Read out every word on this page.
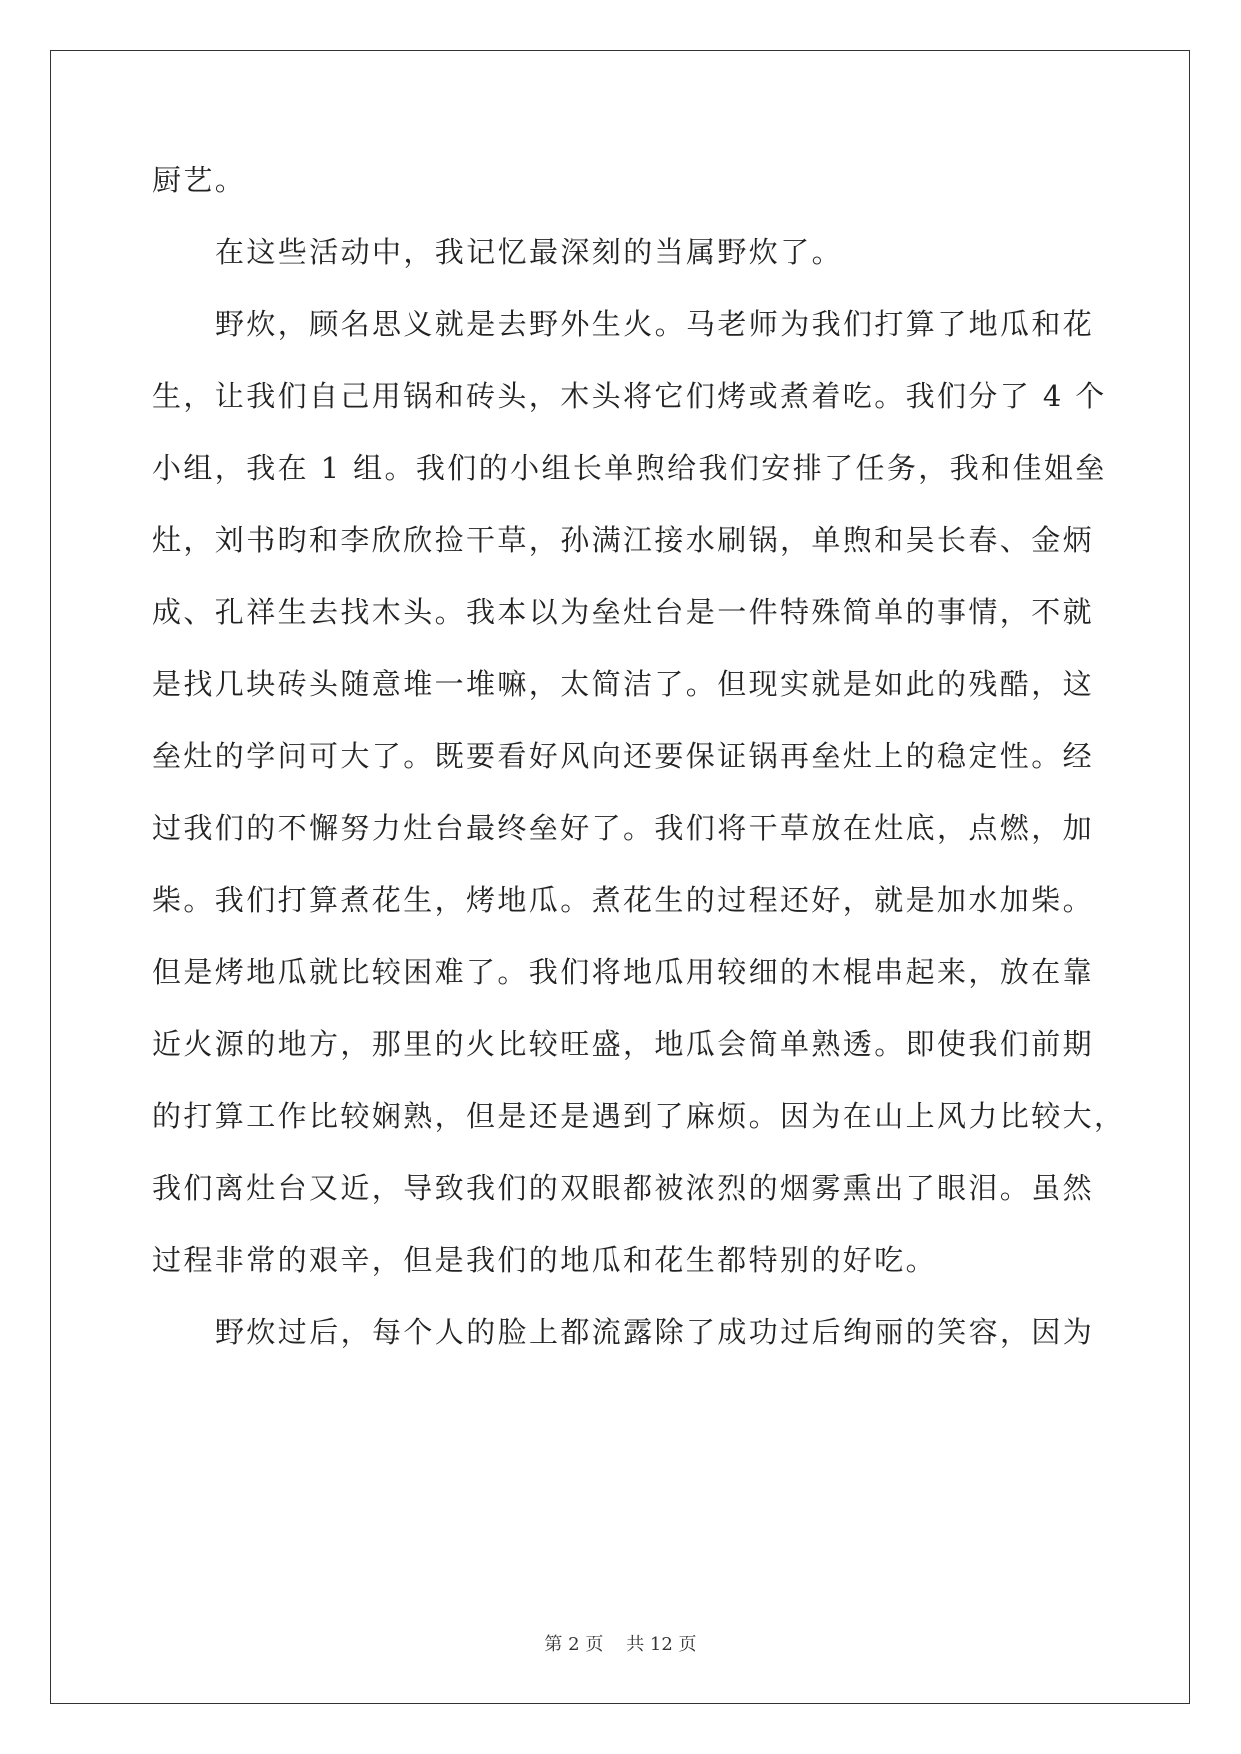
厨艺。
在这些活动中，我记忆最深刻的当属野炊了。
野炊，顾名思义就是去野外生火。马老师为我们打算了地瓜和花
生，让我们自己用锅和砖头，木头将它们烤或煮着吃。我们分了 4 个
小组，我在 1 组。我们的小组长单煦给我们安排了任务，我和佳姐垒
灶，刘书昀和李欣欣捡干草，孙满江接水刷锅，单煦和吴长春、金炳
成、孔祥生去找木头。我本以为垒灶台是一件特殊简单的事情，不就
是找几块砖头随意堆一堆嘛，太简洁了。但现实就是如此的残酷，这
垒灶的学问可大了。既要看好风向还要保证锅再垒灶上的稳定性。经
过我们的不懈努力灶台最终垒好了。我们将干草放在灶底，点燃，加
柴。我们打算煮花生，烤地瓜。煮花生的过程还好，就是加水加柴。
但是烤地瓜就比较困难了。我们将地瓜用较细的木棍串起来，放在靠
近火源的地方，那里的火比较旺盛，地瓜会简单熟透。即使我们前期
的打算工作比较娴熟，但是还是遇到了麻烦。因为在山上风力比较大，
我们离灶台又近，导致我们的双眼都被浓烈的烟雾熏出了眼泪。虽然
过程非常的艰辛，但是我们的地瓜和花生都特别的好吃。
野炊过后，每个人的脸上都流露除了成功过后绚丽的笑容，因为
第 2 页    共 12 页
